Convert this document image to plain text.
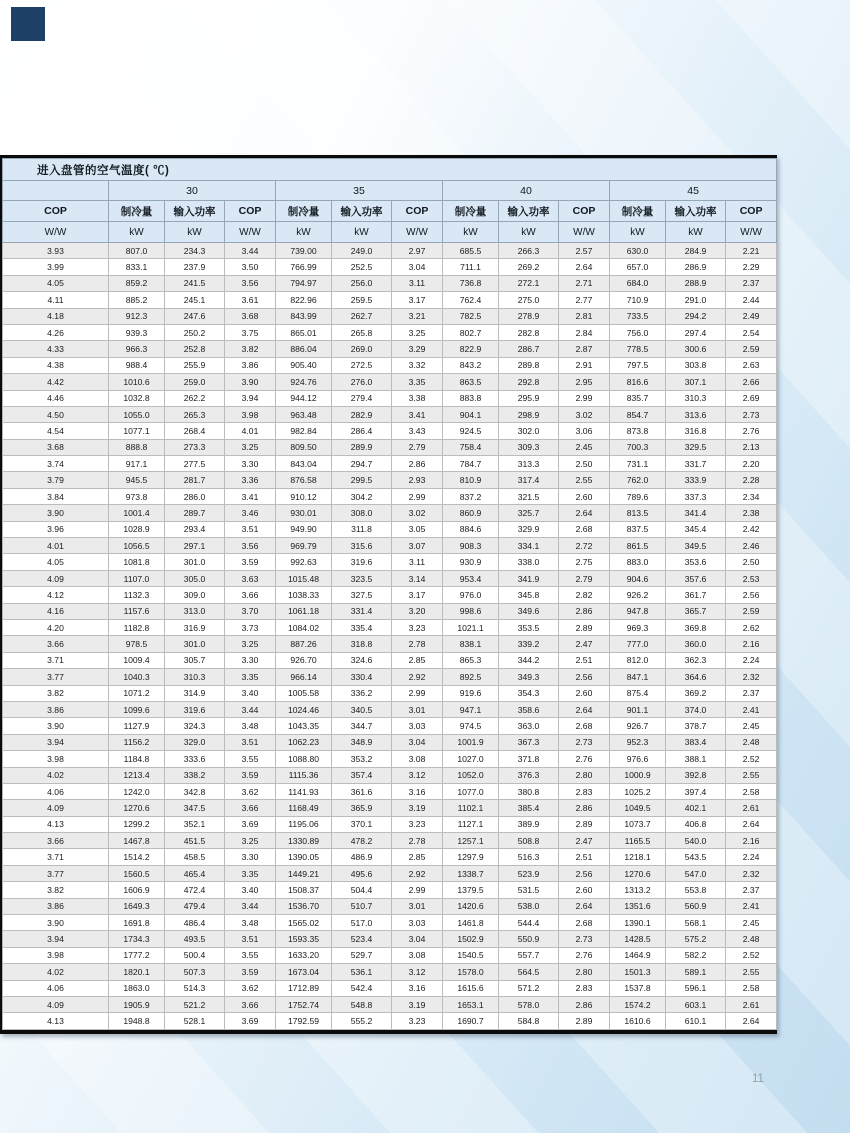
进入盘管的空气温度( ℃)												
	30			35			40			45		
COP	制冷量	输入功率	COP	制冷量	输入功率	COP	制冷量	输入功率	COP	制冷量	输入功率	COP
W/W	kW	kW	W/W	kW	kW	W/W	kW	kW	W/W	kW	kW	W/W
3.93	807.0	234.3	3.44	739.00	249.0	2.97	685.5	266.3	2.57	630.0	284.9	2.21
3.99	833.1	237.9	3.50	766.99	252.5	3.04	711.1	269.2	2.64	657.0	286.9	2.29
4.05	859.2	241.5	3.56	794.97	256.0	3.11	736.8	272.1	2.71	684.0	288.9	2.37
4.11	885.2	245.1	3.61	822.96	259.5	3.17	762.4	275.0	2.77	710.9	291.0	2.44
4.18	912.3	247.6	3.68	843.99	262.7	3.21	782.5	278.9	2.81	733.5	294.2	2.49
4.26	939.3	250.2	3.75	865.01	265.8	3.25	802.7	282.8	2.84	756.0	297.4	2.54
4.33	966.3	252.8	3.82	886.04	269.0	3.29	822.9	286.7	2.87	778.5	300.6	2.59
4.38	988.4	255.9	3.86	905.40	272.5	3.32	843.2	289.8	2.91	797.5	303.8	2.63
4.42	1010.6	259.0	3.90	924.76	276.0	3.35	863.5	292.8	2.95	816.6	307.1	2.66
4.46	1032.8	262.2	3.94	944.12	279.4	3.38	883.8	295.9	2.99	835.7	310.3	2.69
4.50	1055.0	265.3	3.98	963.48	282.9	3.41	904.1	298.9	3.02	854.7	313.6	2.73
4.54	1077.1	268.4	4.01	982.84	286.4	3.43	924.5	302.0	3.06	873.8	316.8	2.76
3.68	888.8	273.3	3.25	809.50	289.9	2.79	758.4	309.3	2.45	700.3	329.5	2.13
3.74	917.1	277.5	3.30	843.04	294.7	2.86	784.7	313.3	2.50	731.1	331.7	2.20
3.79	945.5	281.7	3.36	876.58	299.5	2.93	810.9	317.4	2.55	762.0	333.9	2.28
3.84	973.8	286.0	3.41	910.12	304.2	2.99	837.2	321.5	2.60	789.6	337.3	2.34
3.90	1001.4	289.7	3.46	930.01	308.0	3.02	860.9	325.7	2.64	813.5	341.4	2.38
3.96	1028.9	293.4	3.51	949.90	311.8	3.05	884.6	329.9	2.68	837.5	345.4	2.42
4.01	1056.5	297.1	3.56	969.79	315.6	3.07	908.3	334.1	2.72	861.5	349.5	2.46
4.05	1081.8	301.0	3.59	992.63	319.6	3.11	930.9	338.0	2.75	883.0	353.6	2.50
4.09	1107.0	305.0	3.63	1015.48	323.5	3.14	953.4	341.9	2.79	904.6	357.6	2.53
4.12	1132.3	309.0	3.66	1038.33	327.5	3.17	976.0	345.8	2.82	926.2	361.7	2.56
4.16	1157.6	313.0	3.70	1061.18	331.4	3.20	998.6	349.6	2.86	947.8	365.7	2.59
4.20	1182.8	316.9	3.73	1084.02	335.4	3.23	1021.1	353.5	2.89	969.3	369.8	2.62
3.66	978.5	301.0	3.25	887.26	318.8	2.78	838.1	339.2	2.47	777.0	360.0	2.16
3.71	1009.4	305.7	3.30	926.70	324.6	2.85	865.3	344.2	2.51	812.0	362.3	2.24
3.77	1040.3	310.3	3.35	966.14	330.4	2.92	892.5	349.3	2.56	847.1	364.6	2.32
3.82	1071.2	314.9	3.40	1005.58	336.2	2.99	919.6	354.3	2.60	875.4	369.2	2.37
3.86	1099.6	319.6	3.44	1024.46	340.5	3.01	947.1	358.6	2.64	901.1	374.0	2.41
3.90	1127.9	324.3	3.48	1043.35	344.7	3.03	974.5	363.0	2.68	926.7	378.7	2.45
3.94	1156.2	329.0	3.51	1062.23	348.9	3.04	1001.9	367.3	2.73	952.3	383.4	2.48
3.98	1184.8	333.6	3.55	1088.80	353.2	3.08	1027.0	371.8	2.76	976.6	388.1	2.52
4.02	1213.4	338.2	3.59	1115.36	357.4	3.12	1052.0	376.3	2.80	1000.9	392.8	2.55
4.06	1242.0	342.8	3.62	1141.93	361.6	3.16	1077.0	380.8	2.83	1025.2	397.4	2.58
4.09	1270.6	347.5	3.66	1168.49	365.9	3.19	1102.1	385.4	2.86	1049.5	402.1	2.61
4.13	1299.2	352.1	3.69	1195.06	370.1	3.23	1127.1	389.9	2.89	1073.7	406.8	2.64
3.66	1467.8	451.5	3.25	1330.89	478.2	2.78	1257.1	508.8	2.47	1165.5	540.0	2.16
3.71	1514.2	458.5	3.30	1390.05	486.9	2.85	1297.9	516.3	2.51	1218.1	543.5	2.24
3.77	1560.5	465.4	3.35	1449.21	495.6	2.92	1338.7	523.9	2.56	1270.6	547.0	2.32
3.82	1606.9	472.4	3.40	1508.37	504.4	2.99	1379.5	531.5	2.60	1313.2	553.8	2.37
3.86	1649.3	479.4	3.44	1536.70	510.7	3.01	1420.6	538.0	2.64	1351.6	560.9	2.41
3.90	1691.8	486.4	3.48	1565.02	517.0	3.03	1461.8	544.4	2.68	1390.1	568.1	2.45
3.94	1734.3	493.5	3.51	1593.35	523.4	3.04	1502.9	550.9	2.73	1428.5	575.2	2.48
3.98	1777.2	500.4	3.55	1633.20	529.7	3.08	1540.5	557.7	2.76	1464.9	582.2	2.52
4.02	1820.1	507.3	3.59	1673.04	536.1	3.12	1578.0	564.5	2.80	1501.3	589.1	2.55
4.06	1863.0	514.3	3.62	1712.89	542.4	3.16	1615.6	571.2	2.83	1537.8	596.1	2.58
4.09	1905.9	521.2	3.66	1752.74	548.8	3.19	1653.1	578.0	2.86	1574.2	603.1	2.61
4.13	1948.8	528.1	3.69	1792.59	555.2	3.23	1690.7	584.8	2.89	1610.6	610.1	2.64
11
